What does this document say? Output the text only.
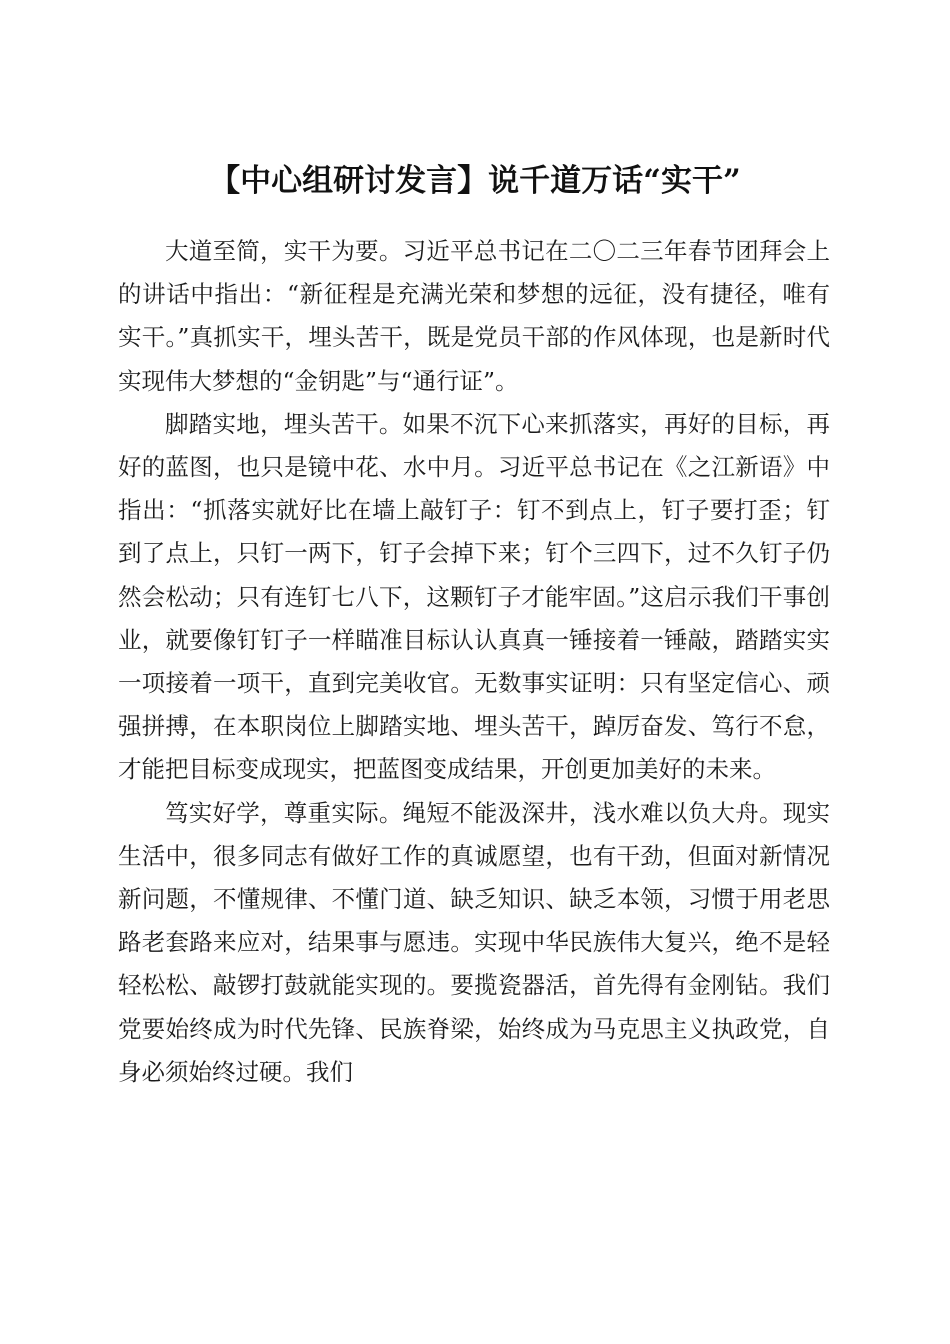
【中心组研讨发言】说千道万话“实干”

大道至简，实干为要。习近平总书记在二〇二三年春节团拜会上的讲话中指出：“新征程是充满光荣和梦想的远征，没有捷径，唯有实干。”真抓实干，埋头苦干，既是党员干部的作风体现，也是新时代实现伟大梦想的“金钥匙”与“通行证”。

脚踏实地，埋头苦干。如果不沉下心来抓落实，再好的目标，再好的蓝图，也只是镜中花、水中月。习近平总书记在《之江新语》中指出：“抓落实就好比在墙上敲钉子：钉不到点上，钉子要打歪；钉到了点上，只钉一两下，钉子会掉下来；钉个三四下，过不久钉子仍然会松动；只有连钉七八下，这颗钉子才能牢固。”这启示我们干事创业，就要像钉钉子一样瞄准目标认认真真一锤接着一锤敲，踏踏实实一项接着一项干，直到完美收官。无数事实证明：只有坚定信心、顽强拼搏，在本职岗位上脚踏实地、埋头苦干，踔厉奋发、笃行不怠，才能把目标变成现实，把蓝图变成结果，开创更加美好的未来。

笃实好学，尊重实际。绳短不能汲深井，浅水难以负大舟。现实生活中，很多同志有做好工作的真诚愿望，也有干劲，但面对新情况新问题，不懂规律、不懂门道、缺乏知识、缺乏本领，习惯于用老思路老套路来应对，结果事与愿违。实现中华民族伟大复兴，绝不是轻轻松松、敲锣打鼓就能实现的。要揽瓷器活，首先得有金刚钻。我们党要始终成为时代先锋、民族脊梁，始终成为马克思主义执政党，自身必须始终过硬。我们
